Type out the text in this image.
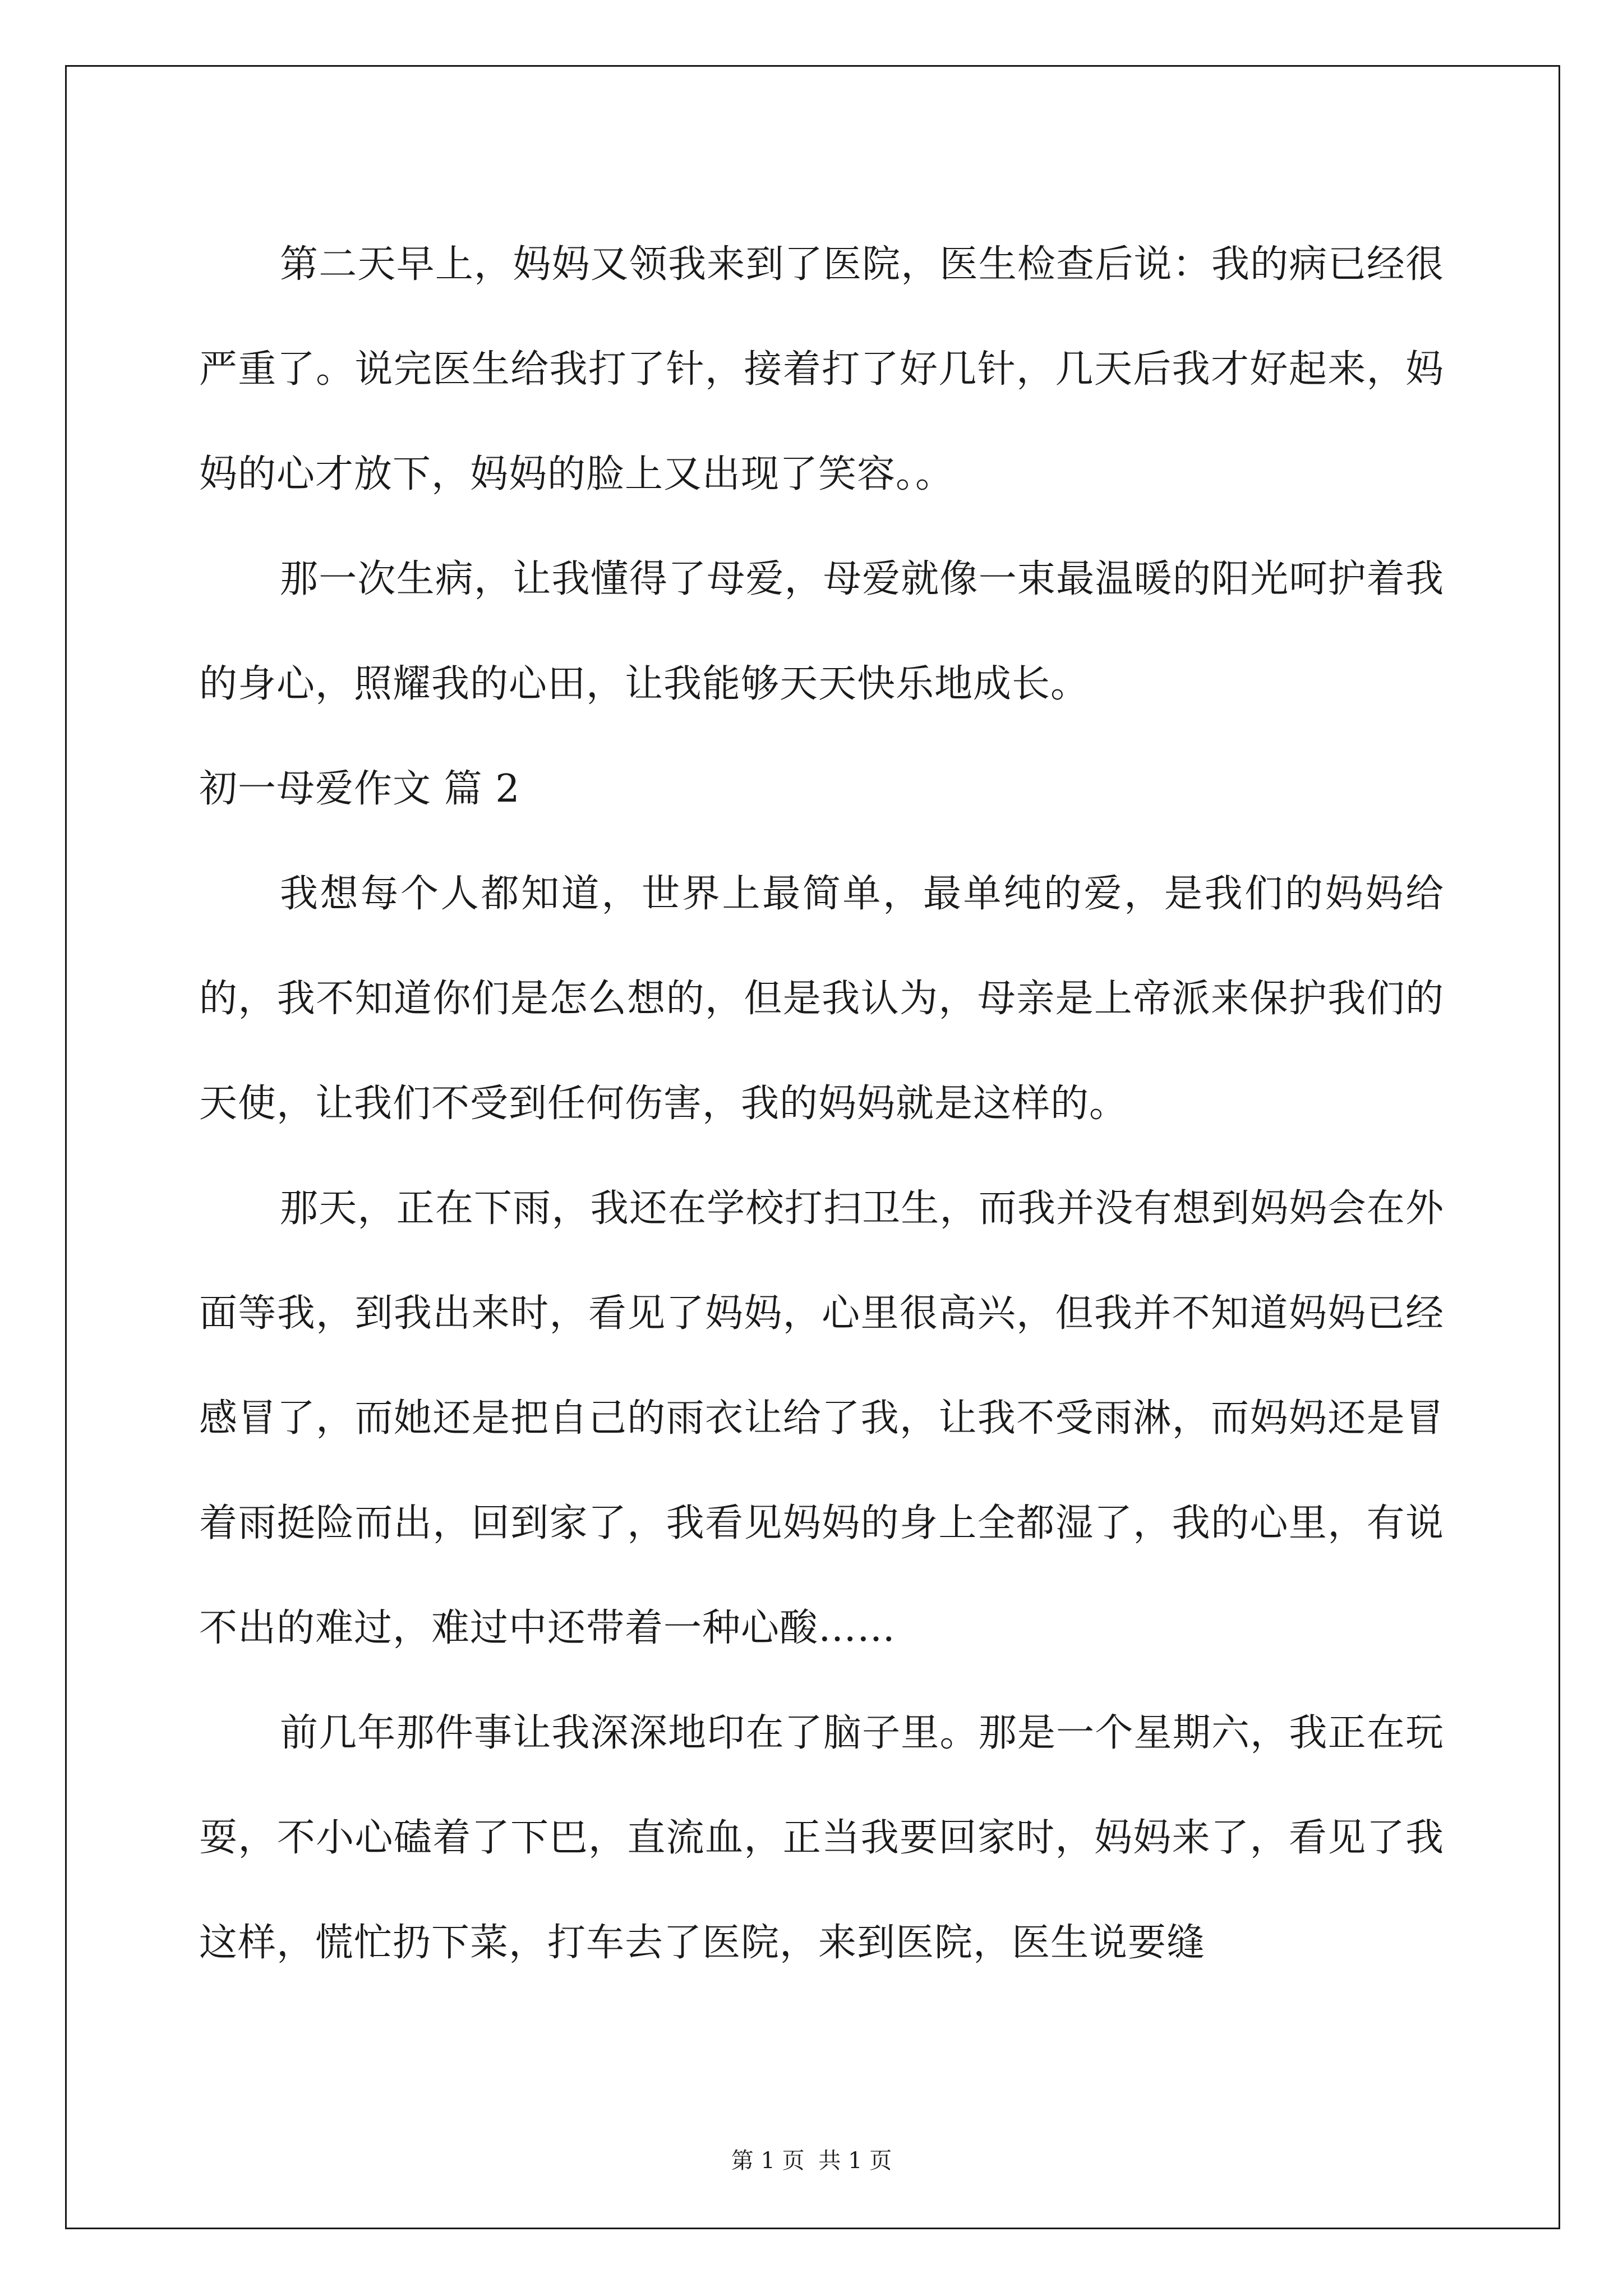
第二天早上，妈妈又领我来到了医院，医生检查后说：我的病已经很严重了。说完医生给我打了针，接着打了好几针，几天后我才好起来，妈妈的心才放下，妈妈的脸上又出现了笑容。。

那一次生病，让我懂得了母爱，母爱就像一束最温暖的阳光呵护着我的身心，照耀我的心田，让我能够天天快乐地成长。

初一母爱作文 篇 2

我想每个人都知道，世界上最简单，最单纯的爱，是我们的妈妈给的，我不知道你们是怎么想的，但是我认为，母亲是上帝派来保护我们的天使，让我们不受到任何伤害，我的妈妈就是这样的。

那天，正在下雨，我还在学校打扫卫生，而我并没有想到妈妈会在外面等我，到我出来时，看见了妈妈，心里很高兴，但我并不知道妈妈已经感冒了，而她还是把自己的雨衣让给了我，让我不受雨淋，而妈妈还是冒着雨挺险而出，回到家了，我看见妈妈的身上全都湿了，我的心里，有说不出的难过，难过中还带着一种心酸……

前几年那件事让我深深地印在了脑子里。那是一个星期六，我正在玩耍，不小心磕着了下巴，直流血，正当我要回家时，妈妈来了，看见了我这样，慌忙扔下菜，打车去了医院，来到医院，医生说要缝

第 1 页 共 1 页
